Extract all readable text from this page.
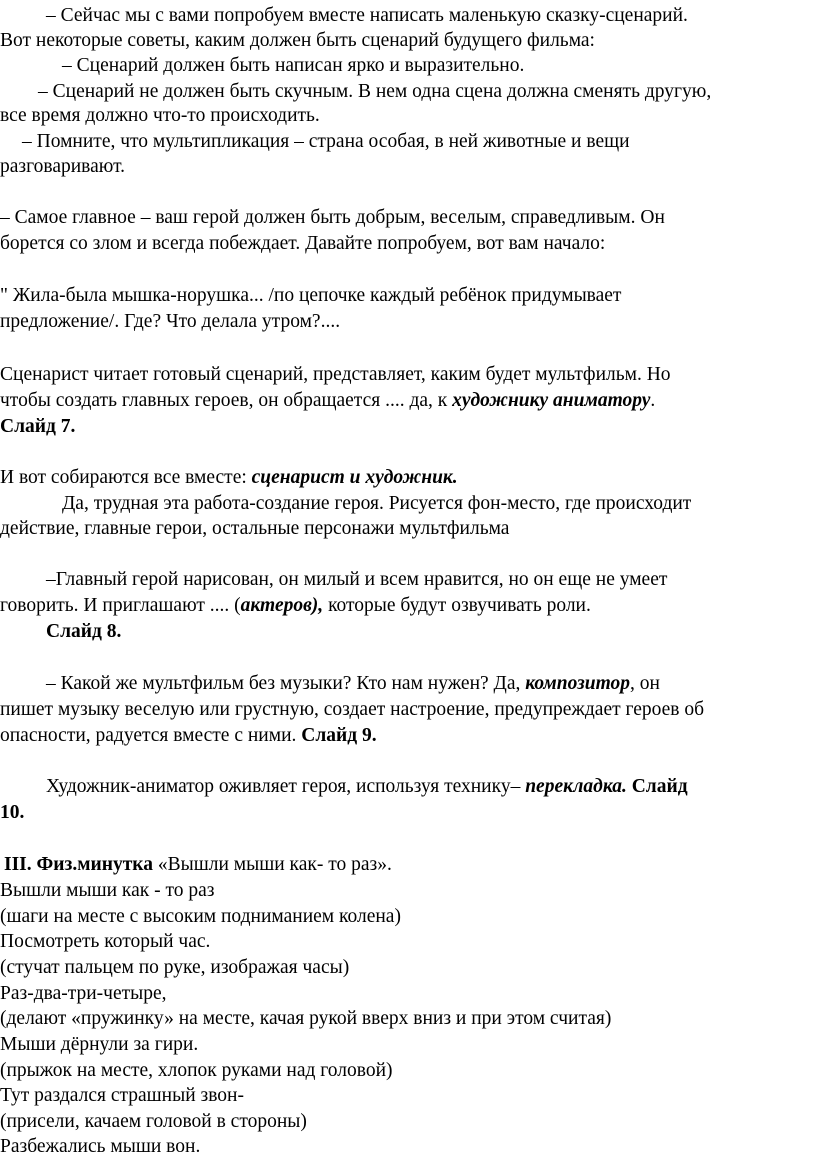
– Сейчас мы с вами попробуем вместе написать маленькую сказку-сценарий.
Вот некоторые советы, каким должен быть сценарий будущего фильма:
– Сценарий должен быть написан ярко и выразительно.
– Сценарий не должен быть скучным. В нем одна сцена должна сменять другую,
все время должно что-то происходить.
– Помните, что мультипликация – страна особая, в ней животные и вещи
разговаривают.
– Самое главное – ваш герой должен быть добрым, веселым, справедливым. Он
борется со злом и всегда побеждает. Давайте попробуем, вот вам начало:
" Жила-была мышка-норушка... /по цепочке каждый ребёнок придумывает
предложение/. Где? Что делала утром?....
Сценарист читает готовый сценарий, представляет, каким будет мультфильм. Но
чтобы создать главных героев, он обращается .... да, к художнику аниматору.
Слайд 7.
И вот собираются все вместе: сценарист и художник.
Да, трудная эта работа-создание героя. Рисуется фон-место, где происходит
действие, главные герои, остальные персонажи мультфильма
–Главный герой нарисован, он милый и всем нравится, но он еще не умеет
говорить. И приглашают .... (актеров), которые будут озвучивать роли.
Слайд 8.
– Какой же мультфильм без музыки? Кто нам нужен? Да, композитор, он
пишет музыку веселую или грустную, создает настроение, предупреждает героев об
опасности, радуется вместе с ними. Слайд 9.
Художник-аниматор оживляет героя, используя технику– перекладка. Слайд
10.
III. Физ.минутка «Вышли мыши как- то раз».
Вышли мыши как - то раз
(шаги на месте с высоким подниманием колена)
Посмотреть который час.
(стучат пальцем по руке, изображая часы)
Раз-два-три-четыре,
(делают «пружинку» на месте, качая рукой вверх вниз и при этом считая)
Мыши дёрнули за гири.
(прыжок на месте, хлопок руками над головой)
Тут раздался страшный звон-
(присели, качаем головой в стороны)
Разбежались мыши вон.
